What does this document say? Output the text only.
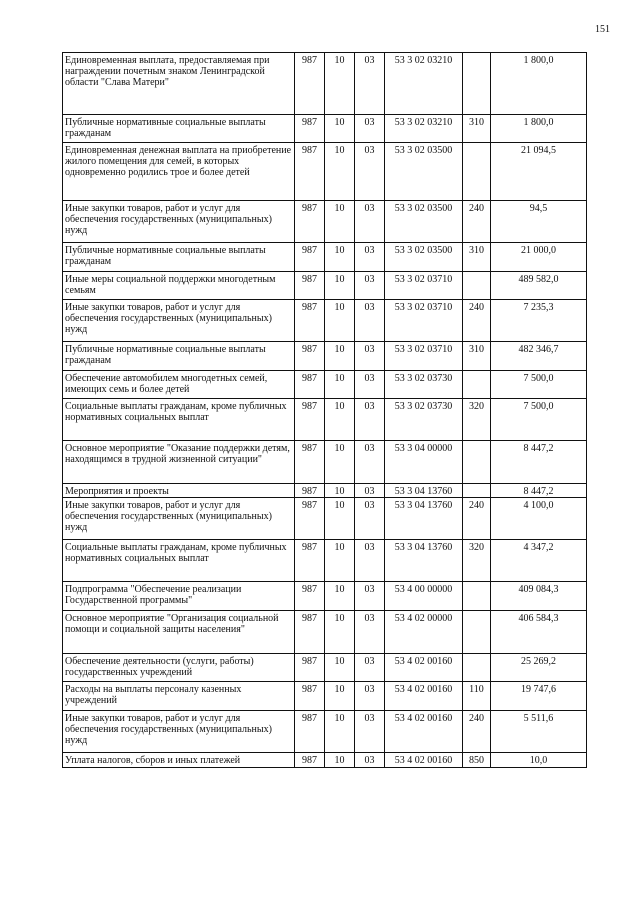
151
Единовременная выплата, предоставляемая при награждении почетным знаком Ленинградской области "Слава Матери"	987	10	03	53 3 02 03210		1 800,0
Публичные нормативные социальные выплаты гражданам	987	10	03	53 3 02 03210	310	1 800,0
Единовременная денежная выплата на приобретение жилого помещения для семей, в которых одновременно родились трое и более детей	987	10	03	53 3 02 03500		21 094,5
Иные закупки товаров, работ и услуг для обеспечения государственных (муниципальных) нужд	987	10	03	53 3 02 03500	240	94,5
Публичные нормативные социальные выплаты гражданам	987	10	03	53 3 02 03500	310	21 000,0
Иные меры социальной поддержки многодетным семьям	987	10	03	53 3 02 03710		489 582,0
Иные закупки товаров, работ и услуг для обеспечения государственных (муниципальных) нужд	987	10	03	53 3 02 03710	240	7 235,3
Публичные нормативные социальные выплаты гражданам	987	10	03	53 3 02 03710	310	482 346,7
Обеспечение автомобилем многодетных семей, имеющих семь и более детей	987	10	03	53 3 02 03730		7 500,0
Социальные выплаты гражданам, кроме публичных нормативных социальных выплат	987	10	03	53 3 02 03730	320	7 500,0
Основное мероприятие "Оказание поддержки детям, находящимся в трудной жизненной ситуации"	987	10	03	53 3 04 00000		8 447,2
Мероприятия и проекты	987	10	03	53 3 04 13760		8 447,2
Иные закупки товаров, работ и услуг для обеспечения государственных (муниципальных) нужд	987	10	03	53 3 04 13760	240	4 100,0
Социальные выплаты гражданам, кроме публичных нормативных социальных выплат	987	10	03	53 3 04 13760	320	4 347,2
Подпрограмма "Обеспечение реализации Государственной программы"	987	10	03	53 4 00 00000		409 084,3
Основное мероприятие "Организация социальной помощи и социальной защиты населения"	987	10	03	53 4 02 00000		406 584,3
Обеспечение деятельности (услуги, работы) государственных учреждений	987	10	03	53 4 02 00160		25 269,2
Расходы на выплаты персоналу казенных учреждений	987	10	03	53 4 02 00160	110	19 747,6
Иные закупки товаров, работ и услуг для обеспечения государственных (муниципальных) нужд	987	10	03	53 4 02 00160	240	5 511,6
Уплата налогов, сборов и иных платежей	987	10	03	53 4 02 00160	850	10,0
